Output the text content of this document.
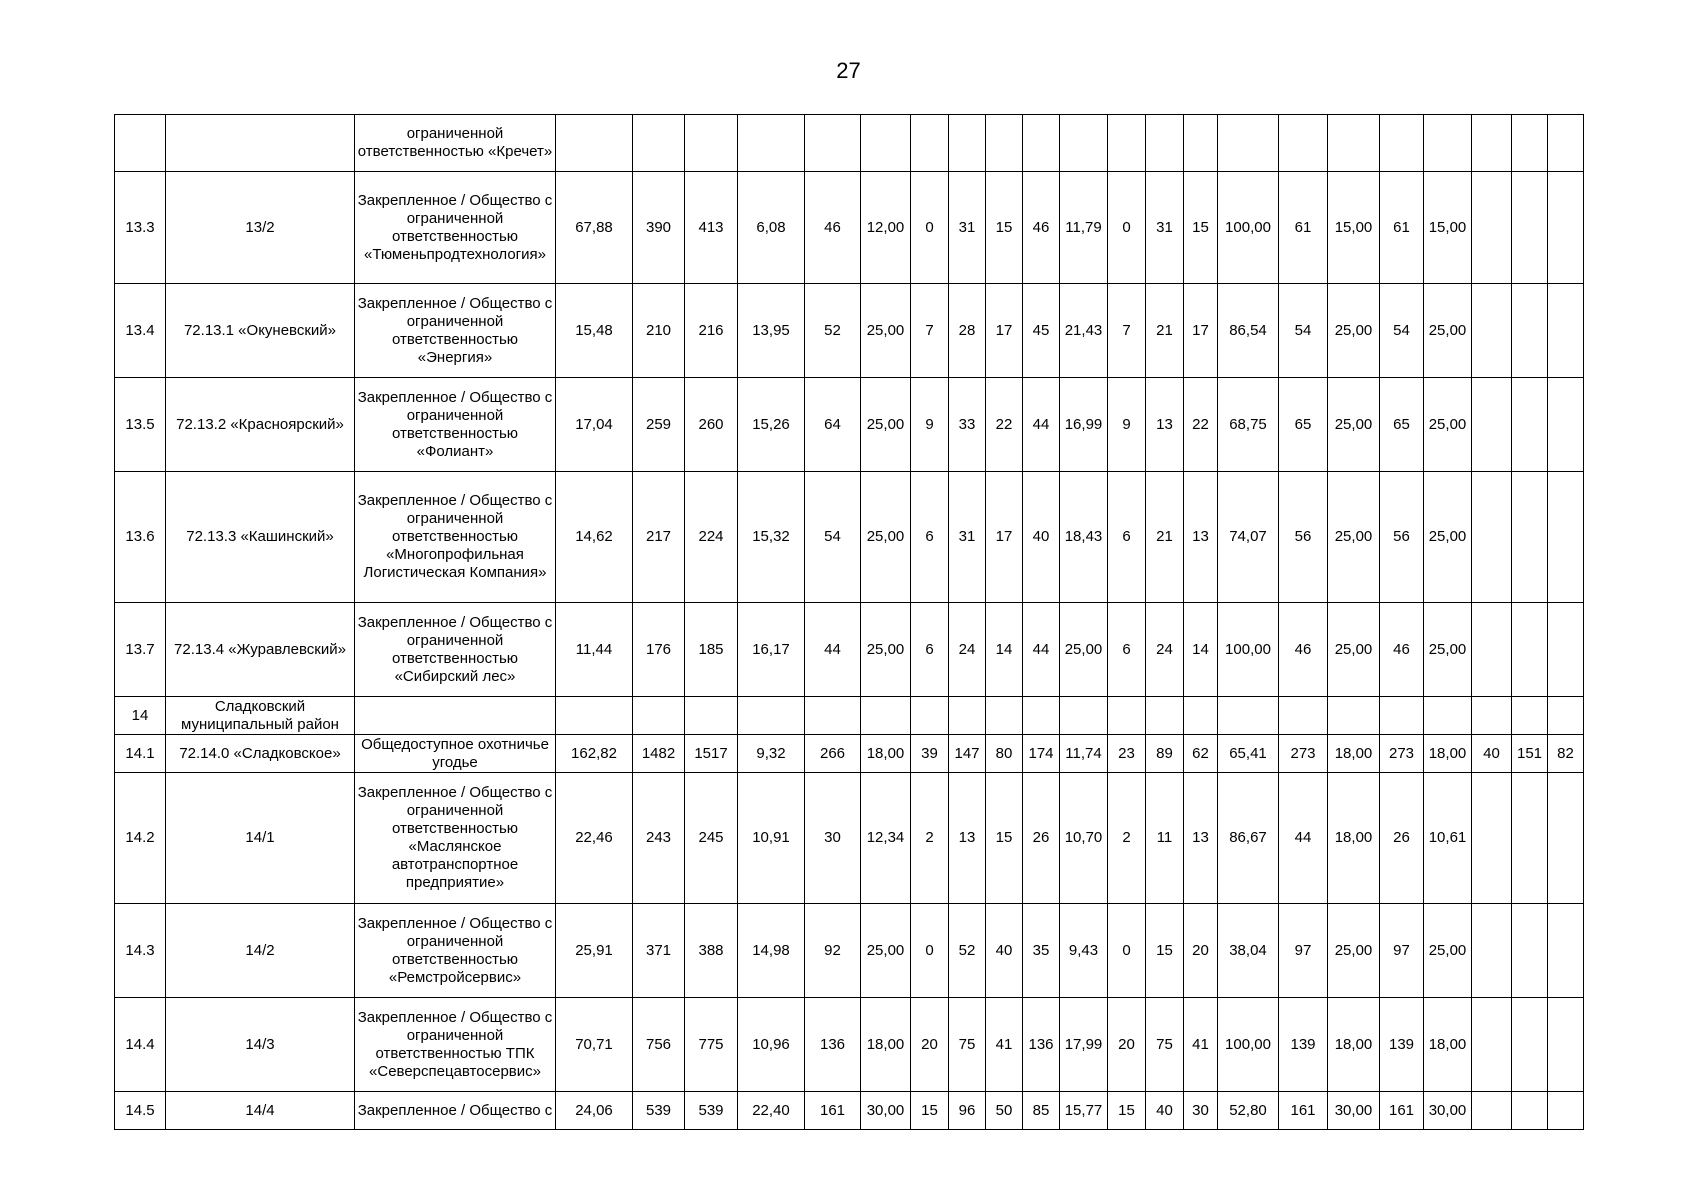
27
		ограниченной ответственностью «Кречет»																						
13.3	13/2	Закрепленное / Общество с ограниченной ответственностью «Тюменьпродтехнология»	67,88	390	413	6,08	46	12,00	0	31	15	46	11,79	0	31	15	100,00	61	15,00	61	15,00			
13.4	72.13.1 «Окуневский»	Закрепленное / Общество с ограниченной ответственностью «Энергия»	15,48	210	216	13,95	52	25,00	7	28	17	45	21,43	7	21	17	86,54	54	25,00	54	25,00			
13.5	72.13.2 «Красноярский»	Закрепленное / Общество с ограниченной ответственностью «Фолиант»	17,04	259	260	15,26	64	25,00	9	33	22	44	16,99	9	13	22	68,75	65	25,00	65	25,00			
13.6	72.13.3 «Кашинский»	Закрепленное / Общество с ограниченной ответственностью «Многопрофильная Логистическая Компания»	14,62	217	224	15,32	54	25,00	6	31	17	40	18,43	6	21	13	74,07	56	25,00	56	25,00			
13.7	72.13.4 «Журавлевский»	Закрепленное / Общество с ограниченной ответственностью «Сибирский лес»	11,44	176	185	16,17	44	25,00	6	24	14	44	25,00	6	24	14	100,00	46	25,00	46	25,00			
14	Сладковский муниципальный район																							
14.1	72.14.0 «Сладковское»	Общедоступное охотничье угодье	162,82	1482	1517	9,32	266	18,00	39	147	80	174	11,74	23	89	62	65,41	273	18,00	273	18,00	40	151	82
14.2	14/1	Закрепленное / Общество с ограниченной ответственностью «Маслянское автотранспортное предприятие»	22,46	243	245	10,91	30	12,34	2	13	15	26	10,70	2	11	13	86,67	44	18,00	26	10,61			
14.3	14/2	Закрепленное / Общество с ограниченной ответственностью «Ремстройсервис»	25,91	371	388	14,98	92	25,00	0	52	40	35	9,43	0	15	20	38,04	97	25,00	97	25,00			
14.4	14/3	Закрепленное / Общество с ограниченной ответственностью ТПК «Северспецавтосервис»	70,71	756	775	10,96	136	18,00	20	75	41	136	17,99	20	75	41	100,00	139	18,00	139	18,00			
14.5	14/4	Закрепленное / Общество с	24,06	539	539	22,40	161	30,00	15	96	50	85	15,77	15	40	30	52,80	161	30,00	161	30,00			
